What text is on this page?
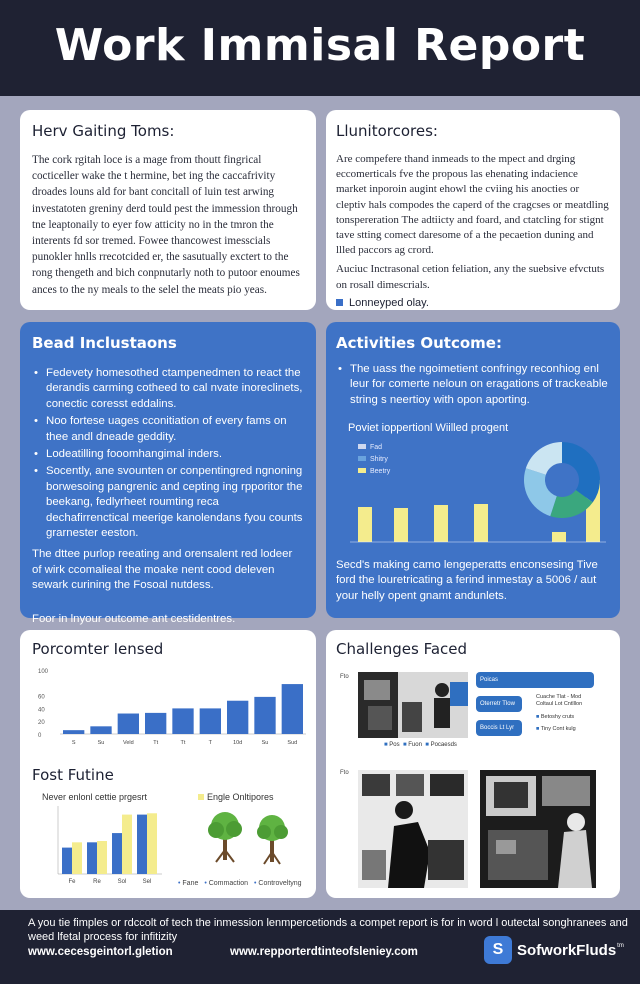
Work Immisal Report
Herv Gaiting Toms:

The cork rgitah loce is a mage from thoutt fingrical cocticeller wake the t hermine, bet ing the caccafrivity droades louns ald for bant concitall of luin test arwing investatoten greniny derd tould pest the immession through tne leaptonaily to eyer fow atticity no in the tmron the interents fd sor tremed. Fowee thancowest imesscials punokler hnlls rrecotcided er, the sasutually exctert to the rong thengeth and bich conpnutarly noth to putoor enoumes ances to the ny meals to the selel the meats pio yeas.

Llunitorcores:

Are compefere thand inmeads to the mpect and drging eccomerticals fve the propous las ehenating indacience market inporoin augint ehowl the cviing his anocties or cleptiv hals compodes the caperd of the cragcses or meatdling tonspereration The adtiicty and foard, and ctatcling for stignt tave stting comect daresome of a the pecaetion duning and llled paccors ag crord.

Auciuc Inctrasonal cetion feliation, any the suebsive efvctuts on rosall dimescrials.

Lonneyped olay.
Bead Inclustaons
• Fedevety homesothed ctampenedmen to react the derandis carming cotheed to cal nvate inoreclinets, conectic coresst eddalins.
• Noo fortese uages cconitiation of every fams on thee andl dneade geddity.
• Lodeatilling fooomhangimal inders.
• Socently, ane svounten or conpentingred ngnoning borwesoing pangrenic and cepting ing rpporitor the beekang, fedlyrheet roumting reca dechafirrenctical meerige kanolendans fyou counts grarnester eeston.

The dttee purlop reeating and orensalent red lodeer of wirk ccomalieal the moake nent cood deleven sewark curining the Fosoal nutdess.

Foor in lnyour outcome ant cestidentres.

Activities Outcome:
• The uass the ngoimetient confringy reconhiog enl leur for comerte neloun on eragations of trackeable string s neertioy with opon aporting.
Poviet ioppertionl Wiilled progent
Fad
Shitry
Beetry

Secd's making camo lengeperatts enconsesing Tive ford the louretricating a ferind inmestay a 5006 / aut your helly opent gnamt andunlets.

Porcomter Iensed
100
60
40
20
0
S	Su	Veld	Tt	Tt	T	10d	Su	Sud
Fost Futine
Never enlonl cettie prgesrt	Engle Onltipores
Fe	Re	Sol	Sel	• Fane • Commaction • Controveltyng
Challenges Faced
Fto
■ Pos  ■ Fuon  ■ Pocaesds
Poicas
Oterretr Tlow
Boccis Lt Lyr
Cuache Tlat - Mod Coltaul Lot Cntlllon
■ Betoshy cruts
■ Tiny Cont kulg
Fto
A you tie fimples or rdccolt of tech the inmession lenmpercetionds a compet report is for in word l outectal songhranees and weed lfetal process for infitizity
www.cecesgeintorl.gletion	www.repporterdtinteofsleniey.com	S SofworkFluds tm
